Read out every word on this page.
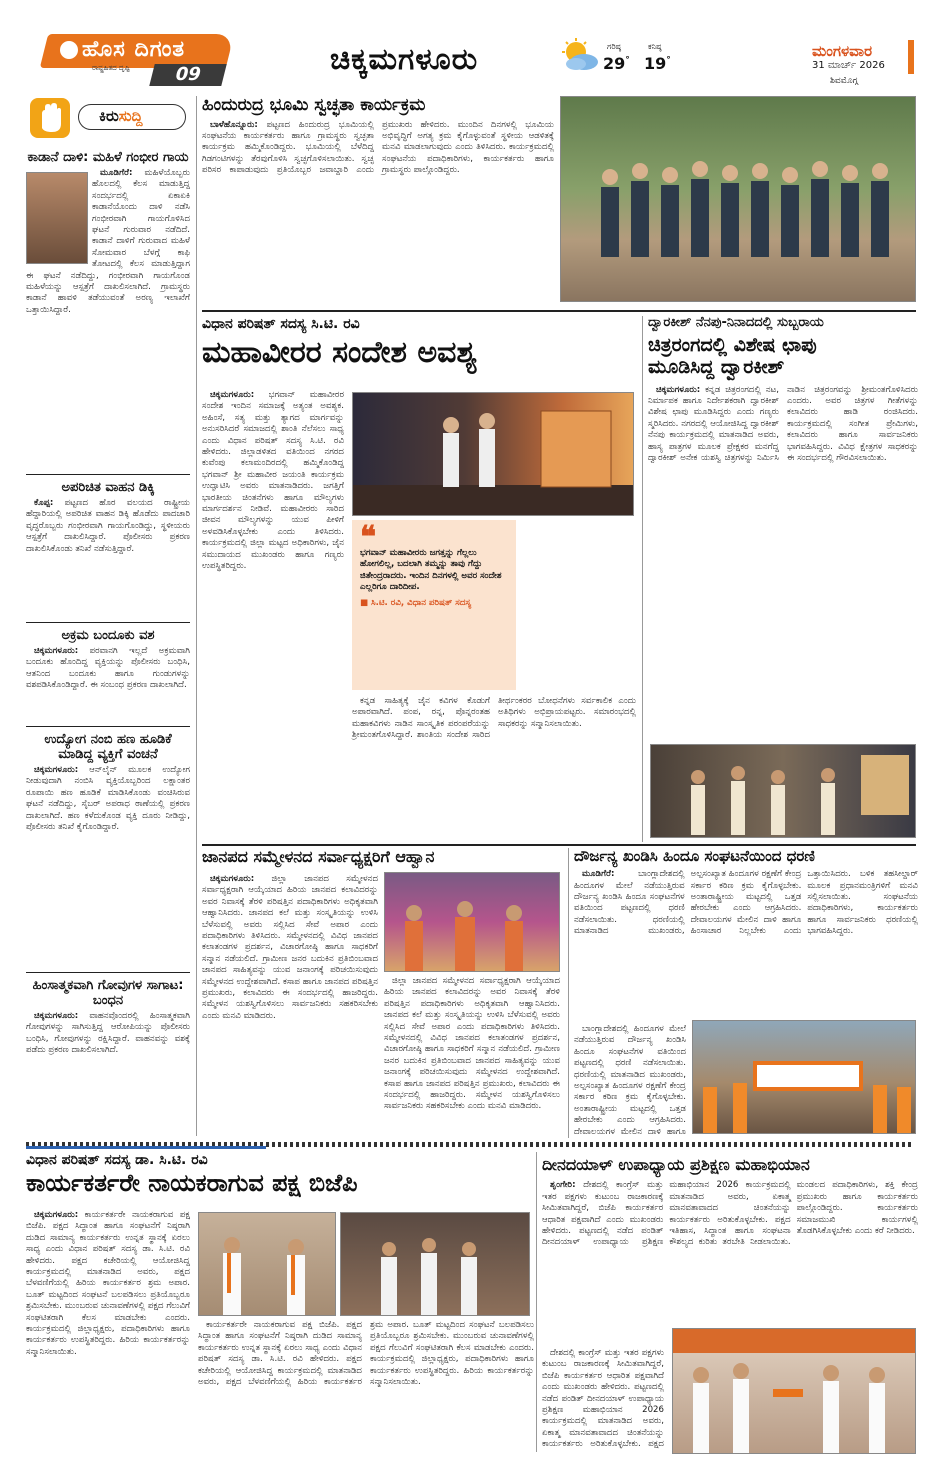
ಹೊಸ ದಿಗಂತ
ರಾಷ್ಟ್ರಹಿತದ ದೃಷ್ಟಿ	09	ಚಿಕ್ಕಮಗಳೂರು	ಗರಿಷ್ಠ
29°
ಕನಿಷ್ಠ
19°
ಮಂಗಳವಾರ
31 ಮಾರ್ಚ್ 2026
ಶಿವಮೊಗ್ಗ
ಕಿರುಸುದ್ದಿ
ಕಾಡಾನೆ ದಾಳಿ: ಮಹಿಳೆ ಗಂಭೀರ ಗಾಯ

ಮೂಡಿಗೆರೆ: ಮಹಿಳೆಯೊಬ್ಬರು ಹೊಲದಲ್ಲಿ ಕೆಲಸ ಮಾಡುತ್ತಿದ್ದ ಸಂದರ್ಭದಲ್ಲಿ ಏಕಾಏಕಿ ಕಾಡಾನೆಯೊಂದು ದಾಳಿ ನಡೆಸಿ ಗಂಭೀರವಾಗಿ ಗಾಯಗೊಳಿಸಿದ ಘಟನೆ ಗುರುವಾರ ನಡೆದಿದೆ. ಕಾಡಾನೆ ದಾಳಿಗೆ ಗುರುವಾದ ಮಹಿಳೆ ಸೋಮವಾರ ಬೆಳಗ್ಗೆ ಕಾಫಿ ತೋಟದಲ್ಲಿ ಕೆಲಸ ಮಾಡುತ್ತಿದ್ದಾಗ ಈ ಘಟನೆ ನಡೆದಿದ್ದು, ಗಂಭೀರವಾಗಿ ಗಾಯಗೊಂಡ ಮಹಿಳೆಯನ್ನು ಆಸ್ಪತ್ರೆಗೆ ದಾಖಲಿಸಲಾಗಿದೆ. ಗ್ರಾಮಸ್ಥರು ಕಾಡಾನೆ ಹಾವಳಿ ತಡೆಯುವಂತೆ ಅರಣ್ಯ ಇಲಾಖೆಗೆ ಒತ್ತಾಯಿಸಿದ್ದಾರೆ.

ಅಪರಿಚಿತ ವಾಹನ ಡಿಕ್ಕಿ

ಕೊಪ್ಪ: ಪಟ್ಟಣದ ಹೊರ ವಲಯದ ರಾಷ್ಟ್ರೀಯ ಹೆದ್ದಾರಿಯಲ್ಲಿ ಅಪರಿಚಿತ ವಾಹನ ಡಿಕ್ಕಿ ಹೊಡೆದು ಪಾದಚಾರಿ ವೃದ್ಧರೊಬ್ಬರು ಗಂಭೀರವಾಗಿ ಗಾಯಗೊಂಡಿದ್ದು, ಸ್ಥಳೀಯರು ಆಸ್ಪತ್ರೆಗೆ ದಾಖಲಿಸಿದ್ದಾರೆ. ಪೊಲೀಸರು ಪ್ರಕರಣ ದಾಖಲಿಸಿಕೊಂಡು ತನಿಖೆ ನಡೆಸುತ್ತಿದ್ದಾರೆ.

ಅಕ್ರಮ ಬಂದೂಕು ವಶ

ಚಿಕ್ಕಮಗಳೂರು: ಪರವಾನಗಿ ಇಲ್ಲದೆ ಅಕ್ರಮವಾಗಿ ಬಂದೂಕು ಹೊಂದಿದ್ದ ವ್ಯಕ್ತಿಯನ್ನು ಪೊಲೀಸರು ಬಂಧಿಸಿ, ಆತನಿಂದ ಬಂದೂಕು ಹಾಗೂ ಗುಂಡುಗಳನ್ನು ವಶಪಡಿಸಿಕೊಂಡಿದ್ದಾರೆ. ಈ ಸಂಬಂಧ ಪ್ರಕರಣ ದಾಖಲಾಗಿದೆ.

ಉದ್ಯೋಗ ನಂಬಿ ಹಣ ಹೂಡಿಕೆ ಮಾಡಿದ್ದ ವ್ಯಕ್ತಿಗೆ ವಂಚನೆ

ಚಿಕ್ಕಮಗಳೂರು: ಆನ್‌ಲೈನ್ ಮೂಲಕ ಉದ್ಯೋಗ ನೀಡುವುದಾಗಿ ನಂಬಿಸಿ ವ್ಯಕ್ತಿಯೊಬ್ಬರಿಂದ ಲಕ್ಷಾಂತರ ರೂಪಾಯಿ ಹಣ ಹೂಡಿಕೆ ಮಾಡಿಸಿಕೊಂಡು ವಂಚಿಸಿರುವ ಘಟನೆ ನಡೆದಿದ್ದು, ಸೈಬರ್ ಅಪರಾಧ ಠಾಣೆಯಲ್ಲಿ ಪ್ರಕರಣ ದಾಖಲಾಗಿದೆ. ಹಣ ಕಳೆದುಕೊಂಡ ವ್ಯಕ್ತಿ ದೂರು ನೀಡಿದ್ದು, ಪೊಲೀಸರು ತನಿಖೆ ಕೈಗೊಂಡಿದ್ದಾರೆ.

ಹಿಂಸಾತ್ಮಕವಾಗಿ ಗೋವುಗಳ ಸಾಗಾಟ: ಬಂಧನ

ಚಿಕ್ಕಮಗಳೂರು: ವಾಹನವೊಂದರಲ್ಲಿ ಹಿಂಸಾತ್ಮಕವಾಗಿ ಗೋವುಗಳನ್ನು ಸಾಗಿಸುತ್ತಿದ್ದ ಆರೋಪಿಯನ್ನು ಪೊಲೀಸರು ಬಂಧಿಸಿ, ಗೋವುಗಳನ್ನು ರಕ್ಷಿಸಿದ್ದಾರೆ. ವಾಹನವನ್ನು ವಶಕ್ಕೆ ಪಡೆದು ಪ್ರಕರಣ ದಾಖಲಿಸಲಾಗಿದೆ.

ಹಿಂದುರುದ್ರ ಭೂಮಿ ಸ್ವಚ್ಛತಾ ಕಾರ್ಯಕ್ರಮ

ಬಾಳೆಹೊನ್ನೂರು: ಪಟ್ಟಣದ ಹಿಂದುರುದ್ರ ಭೂಮಿಯಲ್ಲಿ ಸಂಘಟನೆಯ ಕಾರ್ಯಕರ್ತರು ಹಾಗೂ ಗ್ರಾಮಸ್ಥರು ಸ್ವಚ್ಛತಾ ಕಾರ್ಯಕ್ರಮ ಹಮ್ಮಿಕೊಂಡಿದ್ದರು. ಭೂಮಿಯಲ್ಲಿ ಬೆಳೆದಿದ್ದ ಗಿಡಗಂಟಿಗಳನ್ನು ತೆರವುಗೊಳಿಸಿ ಸ್ವಚ್ಛಗೊಳಿಸಲಾಯಿತು. ಸ್ವಚ್ಛ ಪರಿಸರ ಕಾಪಾಡುವುದು ಪ್ರತಿಯೊಬ್ಬರ ಜವಾಬ್ದಾರಿ ಎಂದು ಪ್ರಮುಖರು ಹೇಳಿದರು. ಮುಂದಿನ ದಿನಗಳಲ್ಲಿ ಭೂಮಿಯ ಅಭಿವೃದ್ಧಿಗೆ ಅಗತ್ಯ ಕ್ರಮ ಕೈಗೊಳ್ಳುವಂತೆ ಸ್ಥಳೀಯ ಆಡಳಿತಕ್ಕೆ ಮನವಿ ಮಾಡಲಾಗುವುದು ಎಂದು ತಿಳಿಸಿದರು. ಕಾರ್ಯಕ್ರಮದಲ್ಲಿ ಸಂಘಟನೆಯ ಪದಾಧಿಕಾರಿಗಳು, ಕಾರ್ಯಕರ್ತರು ಹಾಗೂ ಗ್ರಾಮಸ್ಥರು ಪಾಲ್ಗೊಂಡಿದ್ದರು.

ವಿಧಾನ ಪರಿಷತ್ ಸದಸ್ಯ ಸಿ.ಟಿ. ರವಿ
ಮಹಾವೀರರ ಸಂದೇಶ ಅವಶ್ಯ

ಚಿಕ್ಕಮಗಳೂರು: ಭಗವಾನ್ ಮಹಾವೀರರ ಸಂದೇಶ ಇಂದಿನ ಸಮಾಜಕ್ಕೆ ಅತ್ಯಂತ ಅವಶ್ಯಕ. ಅಹಿಂಸೆ, ಸತ್ಯ ಮತ್ತು ತ್ಯಾಗದ ಮಾರ್ಗವನ್ನು ಅನುಸರಿಸಿದರೆ ಸಮಾಜದಲ್ಲಿ ಶಾಂತಿ ನೆಲೆಸಲು ಸಾಧ್ಯ ಎಂದು ವಿಧಾನ ಪರಿಷತ್ ಸದಸ್ಯ ಸಿ.ಟಿ. ರವಿ ಹೇಳಿದರು. ಜಿಲ್ಲಾಡಳಿತದ ವತಿಯಿಂದ ನಗರದ ಕುವೆಂಪು ಕಲಾಮಂದಿರದಲ್ಲಿ ಹಮ್ಮಿಕೊಂಡಿದ್ದ ಭಗವಾನ್ ಶ್ರೀ ಮಹಾವೀರ ಜಯಂತಿ ಕಾರ್ಯಕ್ರಮ ಉದ್ಘಾಟಿಸಿ ಅವರು ಮಾತನಾಡಿದರು. ಜಗತ್ತಿಗೆ ಭಾರತೀಯ ಚಿಂತನೆಗಳು ಹಾಗೂ ಮೌಲ್ಯಗಳು ಮಾರ್ಗದರ್ಶನ ನೀಡಿವೆ. ಮಹಾವೀರರು ಸಾರಿದ ಜೀವನ ಮೌಲ್ಯಗಳನ್ನು ಯುವ ಪೀಳಿಗೆ ಅಳವಡಿಸಿಕೊಳ್ಳಬೇಕು ಎಂದು ತಿಳಿಸಿದರು. ಕಾರ್ಯಕ್ರಮದಲ್ಲಿ ಜಿಲ್ಲಾ ಮಟ್ಟದ ಅಧಿಕಾರಿಗಳು, ಜೈನ ಸಮುದಾಯದ ಮುಖಂಡರು ಹಾಗೂ ಗಣ್ಯರು ಉಪಸ್ಥಿತರಿದ್ದರು.

ಕನ್ನಡ ಸಾಹಿತ್ಯಕ್ಕೆ ಜೈನ ಕವಿಗಳ ಕೊಡುಗೆ ಅಪಾರವಾಗಿದೆ. ಪಂಪ, ರನ್ನ, ಪೊನ್ನರಂತಹ ಮಹಾಕವಿಗಳು ನಾಡಿನ ಸಾಂಸ್ಕೃತಿಕ ಪರಂಪರೆಯನ್ನು ಶ್ರೀಮಂತಗೊಳಿಸಿದ್ದಾರೆ. ಶಾಂತಿಯ ಸಂದೇಶ ಸಾರಿದ ತೀರ್ಥಂಕರರ ಬೋಧನೆಗಳು ಸರ್ವಕಾಲಿಕ ಎಂದು ಅತಿಥಿಗಳು ಅಭಿಪ್ರಾಯಪಟ್ಟರು. ಸಮಾರಂಭದಲ್ಲಿ ಸಾಧಕರನ್ನು ಸನ್ಮಾನಿಸಲಾಯಿತು.

❝
ಭಗವಾನ್ ಮಹಾವೀರರು ಜಗತ್ತನ್ನು ಗೆಲ್ಲಲು ಹೋಗಲಿಲ್ಲ, ಬದಲಾಗಿ ತಮ್ಮನ್ನು ತಾವು ಗೆದ್ದು ಜಿತೇಂದ್ರರಾದರು. ಇಂದಿನ ದಿನಗಳಲ್ಲಿ ಅವರ ಸಂದೇಶ ಎಲ್ಲರಿಗೂ ದಾರಿದೀಪ.
■ ಸಿ.ಟಿ. ರವಿ, ವಿಧಾನ ಪರಿಷತ್ ಸದಸ್ಯ
ದ್ವಾರಕೀಶ್ ನೆನಪು-ನಿನಾದದಲ್ಲಿ ಸುಬ್ಬರಾಯ
ಚಿತ್ರರಂಗದಲ್ಲಿ ವಿಶೇಷ ಛಾಪು
ಮೂಡಿಸಿದ್ದ ದ್ವಾರಕೀಶ್

ಚಿಕ್ಕಮಗಳೂರು: ಕನ್ನಡ ಚಿತ್ರರಂಗದಲ್ಲಿ ನಟ, ನಿರ್ಮಾಪಕ ಹಾಗೂ ನಿರ್ದೇಶಕರಾಗಿ ದ್ವಾರಕೀಶ್ ವಿಶೇಷ ಛಾಪು ಮೂಡಿಸಿದ್ದರು ಎಂದು ಗಣ್ಯರು ಸ್ಮರಿಸಿದರು. ನಗರದಲ್ಲಿ ಆಯೋಜಿಸಿದ್ದ ದ್ವಾರಕೀಶ್ ನೆನಪು ಕಾರ್ಯಕ್ರಮದಲ್ಲಿ ಮಾತನಾಡಿದ ಅವರು, ಹಾಸ್ಯ ಪಾತ್ರಗಳ ಮೂಲಕ ಪ್ರೇಕ್ಷಕರ ಮನಗೆದ್ದ ದ್ವಾರಕೀಶ್ ಅನೇಕ ಯಶಸ್ವಿ ಚಿತ್ರಗಳನ್ನು ನಿರ್ಮಿಸಿ ನಾಡಿನ ಚಿತ್ರರಂಗವನ್ನು ಶ್ರೀಮಂತಗೊಳಿಸಿದರು ಎಂದರು. ಅವರ ಚಿತ್ರಗಳ ಗೀತೆಗಳನ್ನು ಕಲಾವಿದರು ಹಾಡಿ ರಂಜಿಸಿದರು. ಕಾರ್ಯಕ್ರಮದಲ್ಲಿ ಸಂಗೀತ ಪ್ರೇಮಿಗಳು, ಕಲಾವಿದರು ಹಾಗೂ ಸಾರ್ವಜನಿಕರು ಭಾಗವಹಿಸಿದ್ದರು. ವಿವಿಧ ಕ್ಷೇತ್ರಗಳ ಸಾಧಕರನ್ನು ಈ ಸಂದರ್ಭದಲ್ಲಿ ಗೌರವಿಸಲಾಯಿತು.

ಜಾನಪದ ಸಮ್ಮೇಳನದ ಸರ್ವಾಧ್ಯಕ್ಷರಿಗೆ ಆಹ್ವಾನ

ಚಿಕ್ಕಮಗಳೂರು: ಜಿಲ್ಲಾ ಜಾನಪದ ಸಮ್ಮೇಳನದ ಸರ್ವಾಧ್ಯಕ್ಷರಾಗಿ ಆಯ್ಕೆಯಾದ ಹಿರಿಯ ಜಾನಪದ ಕಲಾವಿದರನ್ನು ಅವರ ನಿವಾಸಕ್ಕೆ ತೆರಳಿ ಪರಿಷತ್ತಿನ ಪದಾಧಿಕಾರಿಗಳು ಅಧಿಕೃತವಾಗಿ ಆಹ್ವಾನಿಸಿದರು. ಜಾನಪದ ಕಲೆ ಮತ್ತು ಸಂಸ್ಕೃತಿಯನ್ನು ಉಳಿಸಿ ಬೆಳೆಸುವಲ್ಲಿ ಅವರು ಸಲ್ಲಿಸಿದ ಸೇವೆ ಅಪಾರ ಎಂದು ಪದಾಧಿಕಾರಿಗಳು ತಿಳಿಸಿದರು. ಸಮ್ಮೇಳನದಲ್ಲಿ ವಿವಿಧ ಜಾನಪದ ಕಲಾತಂಡಗಳ ಪ್ರದರ್ಶನ, ವಿಚಾರಗೋಷ್ಠಿ ಹಾಗೂ ಸಾಧಕರಿಗೆ ಸನ್ಮಾನ ನಡೆಯಲಿದೆ. ಗ್ರಾಮೀಣ ಜನರ ಬದುಕಿನ ಪ್ರತಿಬಿಂಬವಾದ ಜಾನಪದ ಸಾಹಿತ್ಯವನ್ನು ಯುವ ಜನಾಂಗಕ್ಕೆ ಪರಿಚಯಿಸುವುದು ಸಮ್ಮೇಳನದ ಉದ್ದೇಶವಾಗಿದೆ. ಕಸಾಪ ಹಾಗೂ ಜಾನಪದ ಪರಿಷತ್ತಿನ ಪ್ರಮುಖರು, ಕಲಾವಿದರು ಈ ಸಂದರ್ಭದಲ್ಲಿ ಹಾಜರಿದ್ದರು. ಸಮ್ಮೇಳನ ಯಶಸ್ವಿಗೊಳಿಸಲು ಸಾರ್ವಜನಿಕರು ಸಹಕರಿಸಬೇಕು ಎಂದು ಮನವಿ ಮಾಡಿದರು.

ಜಿಲ್ಲಾ ಜಾನಪದ ಸಮ್ಮೇಳನದ ಸರ್ವಾಧ್ಯಕ್ಷರಾಗಿ ಆಯ್ಕೆಯಾದ ಹಿರಿಯ ಜಾನಪದ ಕಲಾವಿದರನ್ನು ಅವರ ನಿವಾಸಕ್ಕೆ ತೆರಳಿ ಪರಿಷತ್ತಿನ ಪದಾಧಿಕಾರಿಗಳು ಅಧಿಕೃತವಾಗಿ ಆಹ್ವಾನಿಸಿದರು. ಜಾನಪದ ಕಲೆ ಮತ್ತು ಸಂಸ್ಕೃತಿಯನ್ನು ಉಳಿಸಿ ಬೆಳೆಸುವಲ್ಲಿ ಅವರು ಸಲ್ಲಿಸಿದ ಸೇವೆ ಅಪಾರ ಎಂದು ಪದಾಧಿಕಾರಿಗಳು ತಿಳಿಸಿದರು. ಸಮ್ಮೇಳನದಲ್ಲಿ ವಿವಿಧ ಜಾನಪದ ಕಲಾತಂಡಗಳ ಪ್ರದರ್ಶನ, ವಿಚಾರಗೋಷ್ಠಿ ಹಾಗೂ ಸಾಧಕರಿಗೆ ಸನ್ಮಾನ ನಡೆಯಲಿದೆ. ಗ್ರಾಮೀಣ ಜನರ ಬದುಕಿನ ಪ್ರತಿಬಿಂಬವಾದ ಜಾನಪದ ಸಾಹಿತ್ಯವನ್ನು ಯುವ ಜನಾಂಗಕ್ಕೆ ಪರಿಚಯಿಸುವುದು ಸಮ್ಮೇಳನದ ಉದ್ದೇಶವಾಗಿದೆ. ಕಸಾಪ ಹಾಗೂ ಜಾನಪದ ಪರಿಷತ್ತಿನ ಪ್ರಮುಖರು, ಕಲಾವಿದರು ಈ ಸಂದರ್ಭದಲ್ಲಿ ಹಾಜರಿದ್ದರು. ಸಮ್ಮೇಳನ ಯಶಸ್ವಿಗೊಳಿಸಲು ಸಾರ್ವಜನಿಕರು ಸಹಕರಿಸಬೇಕು ಎಂದು ಮನವಿ ಮಾಡಿದರು.

ದೌರ್ಜನ್ಯ ಖಂಡಿಸಿ ಹಿಂದೂ ಸಂಘಟನೆಯಿಂದ ಧರಣಿ

ಮೂಡಿಗೆರೆ:	ಬಾಂಗ್ಲಾದೇಶದಲ್ಲಿ ಹಿಂದೂಗಳ ಮೇಲೆ ನಡೆಯುತ್ತಿರುವ ದೌರ್ಜನ್ಯ ಖಂಡಿಸಿ ಹಿಂದೂ ಸಂಘಟನೆಗಳ ವತಿಯಿಂದ ಪಟ್ಟಣದಲ್ಲಿ ಧರಣಿ ನಡೆಸಲಾಯಿತು. ಧರಣಿಯಲ್ಲಿ ಮಾತನಾಡಿದ ಮುಖಂಡರು, ಅಲ್ಪಸಂಖ್ಯಾತ ಹಿಂದೂಗಳ ರಕ್ಷಣೆಗೆ ಕೇಂದ್ರ ಸರ್ಕಾರ ಕಠಿಣ ಕ್ರಮ ಕೈಗೊಳ್ಳಬೇಕು. ಅಂತಾರಾಷ್ಟ್ರೀಯ ಮಟ್ಟದಲ್ಲಿ ಒತ್ತಡ ಹೇರಬೇಕು ಎಂದು ಆಗ್ರಹಿಸಿದರು. ದೇವಾಲಯಗಳ ಮೇಲಿನ ದಾಳಿ ಹಾಗೂ ಹಿಂಸಾಚಾರ ನಿಲ್ಲಬೇಕು ಎಂದು ಒತ್ತಾಯಿಸಿದರು. ಬಳಿಕ ತಹಸೀಲ್ದಾರ್ ಮೂಲಕ ಪ್ರಧಾನಮಂತ್ರಿಗಳಿಗೆ ಮನವಿ ಸಲ್ಲಿಸಲಾಯಿತು. ಸಂಘಟನೆಯ ಪದಾಧಿಕಾರಿಗಳು, ಕಾರ್ಯಕರ್ತರು ಹಾಗೂ ಸಾರ್ವಜನಿಕರು ಧರಣಿಯಲ್ಲಿ ಭಾಗವಹಿಸಿದ್ದರು.

ಬಾಂಗ್ಲಾದೇಶದಲ್ಲಿ ಹಿಂದೂಗಳ ಮೇಲೆ ನಡೆಯುತ್ತಿರುವ ದೌರ್ಜನ್ಯ ಖಂಡಿಸಿ ಹಿಂದೂ ಸಂಘಟನೆಗಳ ವತಿಯಿಂದ ಪಟ್ಟಣದಲ್ಲಿ ಧರಣಿ ನಡೆಸಲಾಯಿತು. ಧರಣಿಯಲ್ಲಿ ಮಾತನಾಡಿದ ಮುಖಂಡರು, ಅಲ್ಪಸಂಖ್ಯಾತ ಹಿಂದೂಗಳ ರಕ್ಷಣೆಗೆ ಕೇಂದ್ರ ಸರ್ಕಾರ ಕಠಿಣ ಕ್ರಮ ಕೈಗೊಳ್ಳಬೇಕು. ಅಂತಾರಾಷ್ಟ್ರೀಯ ಮಟ್ಟದಲ್ಲಿ ಒತ್ತಡ ಹೇರಬೇಕು ಎಂದು ಆಗ್ರಹಿಸಿದರು. ದೇವಾಲಯಗಳ ಮೇಲಿನ ದಾಳಿ ಹಾಗೂ

ವಿಧಾನ ಪರಿಷತ್ ಸದಸ್ಯ ಡಾ. ಸಿ.ಟಿ. ರವಿ
ಕಾರ್ಯಕರ್ತರೇ ನಾಯಕರಾಗುವ ಪಕ್ಷ ಬಿಜೆಪಿ

ಚಿಕ್ಕಮಗಳೂರು: ಕಾರ್ಯಕರ್ತರೇ ನಾಯಕರಾಗುವ ಪಕ್ಷ ಬಿಜೆಪಿ. ಪಕ್ಷದ ಸಿದ್ಧಾಂತ ಹಾಗೂ ಸಂಘಟನೆಗೆ ನಿಷ್ಠರಾಗಿ ದುಡಿದ ಸಾಮಾನ್ಯ ಕಾರ್ಯಕರ್ತರು ಉನ್ನತ ಸ್ಥಾನಕ್ಕೆ ಏರಲು ಸಾಧ್ಯ ಎಂದು ವಿಧಾನ ಪರಿಷತ್ ಸದಸ್ಯ ಡಾ. ಸಿ.ಟಿ. ರವಿ ಹೇಳಿದರು. ಪಕ್ಷದ ಕಚೇರಿಯಲ್ಲಿ ಆಯೋಜಿಸಿದ್ದ ಕಾರ್ಯಕ್ರಮದಲ್ಲಿ ಮಾತನಾಡಿದ ಅವರು, ಪಕ್ಷದ ಬೆಳವಣಿಗೆಯಲ್ಲಿ ಹಿರಿಯ ಕಾರ್ಯಕರ್ತರ ಶ್ರಮ ಅಪಾರ. ಬೂತ್ ಮಟ್ಟದಿಂದ ಸಂಘಟನೆ ಬಲಪಡಿಸಲು ಪ್ರತಿಯೊಬ್ಬರೂ ಶ್ರಮಿಸಬೇಕು. ಮುಂಬರುವ ಚುನಾವಣೆಗಳಲ್ಲಿ ಪಕ್ಷದ ಗೆಲುವಿಗೆ ಸಂಘಟಿತರಾಗಿ ಕೆಲಸ ಮಾಡಬೇಕು ಎಂದರು. ಕಾರ್ಯಕ್ರಮದಲ್ಲಿ ಜಿಲ್ಲಾಧ್ಯಕ್ಷರು, ಪದಾಧಿಕಾರಿಗಳು ಹಾಗೂ ಕಾರ್ಯಕರ್ತರು ಉಪಸ್ಥಿತರಿದ್ದರು. ಹಿರಿಯ ಕಾರ್ಯಕರ್ತರನ್ನು ಸನ್ಮಾನಿಸಲಾಯಿತು.

ಕಾರ್ಯಕರ್ತರೇ ನಾಯಕರಾಗುವ ಪಕ್ಷ ಬಿಜೆಪಿ. ಪಕ್ಷದ ಸಿದ್ಧಾಂತ ಹಾಗೂ ಸಂಘಟನೆಗೆ ನಿಷ್ಠರಾಗಿ ದುಡಿದ ಸಾಮಾನ್ಯ ಕಾರ್ಯಕರ್ತರು ಉನ್ನತ ಸ್ಥಾನಕ್ಕೆ ಏರಲು ಸಾಧ್ಯ ಎಂದು ವಿಧಾನ ಪರಿಷತ್ ಸದಸ್ಯ ಡಾ. ಸಿ.ಟಿ. ರವಿ ಹೇಳಿದರು. ಪಕ್ಷದ ಕಚೇರಿಯಲ್ಲಿ ಆಯೋಜಿಸಿದ್ದ ಕಾರ್ಯಕ್ರಮದಲ್ಲಿ ಮಾತನಾಡಿದ ಅವರು, ಪಕ್ಷದ ಬೆಳವಣಿಗೆಯಲ್ಲಿ ಹಿರಿಯ ಕಾರ್ಯಕರ್ತರ ಶ್ರಮ ಅಪಾರ. ಬೂತ್ ಮಟ್ಟದಿಂದ ಸಂಘಟನೆ ಬಲಪಡಿಸಲು ಪ್ರತಿಯೊಬ್ಬರೂ ಶ್ರಮಿಸಬೇಕು. ಮುಂಬರುವ ಚುನಾವಣೆಗಳಲ್ಲಿ ಪಕ್ಷದ ಗೆಲುವಿಗೆ ಸಂಘಟಿತರಾಗಿ ಕೆಲಸ ಮಾಡಬೇಕು ಎಂದರು. ಕಾರ್ಯಕ್ರಮದಲ್ಲಿ ಜಿಲ್ಲಾಧ್ಯಕ್ಷರು, ಪದಾಧಿಕಾರಿಗಳು ಹಾಗೂ ಕಾರ್ಯಕರ್ತರು ಉಪಸ್ಥಿತರಿದ್ದರು. ಹಿರಿಯ ಕಾರ್ಯಕರ್ತರನ್ನು ಸನ್ಮಾನಿಸಲಾಯಿತು.

ದೀನದಯಾಳ್ ಉಪಾಧ್ಯಾಯ ಪ್ರಶಿಕ್ಷಣ ಮಹಾಭಿಯಾನ

ಶೃಂಗೇರಿ: ದೇಶದಲ್ಲಿ ಕಾಂಗ್ರೆಸ್ ಮತ್ತು ಇತರ ಪಕ್ಷಗಳು ಕುಟುಂಬ ರಾಜಕಾರಣಕ್ಕೆ ಸೀಮಿತವಾಗಿದ್ದರೆ, ಬಿಜೆಪಿ ಕಾರ್ಯಕರ್ತರ ಆಧಾರಿತ ಪಕ್ಷವಾಗಿದೆ ಎಂದು ಮುಖಂಡರು ಹೇಳಿದರು. ಪಟ್ಟಣದಲ್ಲಿ ನಡೆದ ಪಂಡಿತ್ ದೀನದಯಾಳ್ ಉಪಾಧ್ಯಾಯ ಪ್ರಶಿಕ್ಷಣ ಮಹಾಭಿಯಾನ 2026 ಕಾರ್ಯಕ್ರಮದಲ್ಲಿ ಮಾತನಾಡಿದ ಅವರು, ಏಕಾತ್ಮ ಮಾನವತಾವಾದದ ಚಿಂತನೆಯನ್ನು ಕಾರ್ಯಕರ್ತರು ಅರಿತುಕೊಳ್ಳಬೇಕು. ಪಕ್ಷದ ಇತಿಹಾಸ, ಸಿದ್ಧಾಂತ ಹಾಗೂ ಸಂಘಟನಾ ಕೌಶಲ್ಯದ ಕುರಿತು ತರಬೇತಿ ನೀಡಲಾಯಿತು. ಮಂಡಲದ ಪದಾಧಿಕಾರಿಗಳು, ಶಕ್ತಿ ಕೇಂದ್ರ ಪ್ರಮುಖರು ಹಾಗೂ ಕಾರ್ಯಕರ್ತರು ಪಾಲ್ಗೊಂಡಿದ್ದರು. ಕಾರ್ಯಕರ್ತರು ಸಮಾಜಮುಖಿ ಕಾರ್ಯಗಳಲ್ಲಿ ತೊಡಗಿಸಿಕೊಳ್ಳಬೇಕು ಎಂದು ಕರೆ ನೀಡಿದರು.

ದೇಶದಲ್ಲಿ ಕಾಂಗ್ರೆಸ್ ಮತ್ತು ಇತರ ಪಕ್ಷಗಳು ಕುಟುಂಬ ರಾಜಕಾರಣಕ್ಕೆ ಸೀಮಿತವಾಗಿದ್ದರೆ, ಬಿಜೆಪಿ ಕಾರ್ಯಕರ್ತರ ಆಧಾರಿತ ಪಕ್ಷವಾಗಿದೆ ಎಂದು ಮುಖಂಡರು ಹೇಳಿದರು. ಪಟ್ಟಣದಲ್ಲಿ ನಡೆದ ಪಂಡಿತ್ ದೀನದಯಾಳ್ ಉಪಾಧ್ಯಾಯ ಪ್ರಶಿಕ್ಷಣ ಮಹಾಭಿಯಾನ 2026 ಕಾರ್ಯಕ್ರಮದಲ್ಲಿ ಮಾತನಾಡಿದ ಅವರು, ಏಕಾತ್ಮ ಮಾನವತಾವಾದದ ಚಿಂತನೆಯನ್ನು ಕಾರ್ಯಕರ್ತರು ಅರಿತುಕೊಳ್ಳಬೇಕು. ಪಕ್ಷದ
